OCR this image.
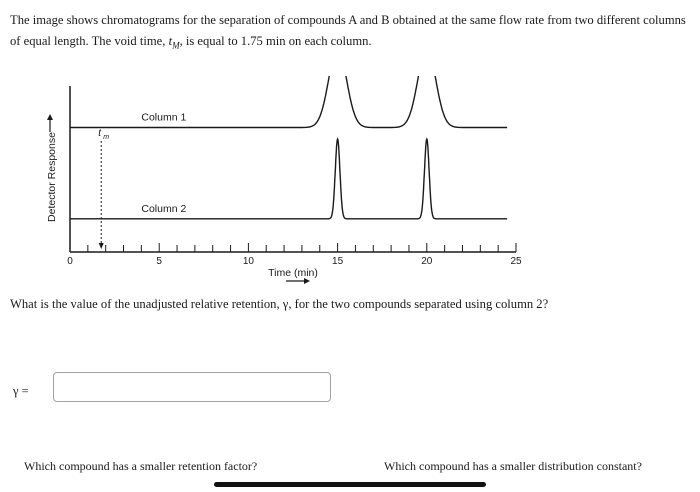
The image shows chromatograms for the separation of compounds A and B obtained at the same flow rate from two different columns of equal length. The void time, $t_M$, is equal to 1.75 min on each column.

0	5	10	15	20	25
Time (min)
Detector Response	t m
Column 1
Column 2

What is the value of the unadjusted relative retention, γ, for the two compounds separated using column 2?

γ =

Which compound has a smaller retention factor?	Which compound has a smaller distribution constant?
